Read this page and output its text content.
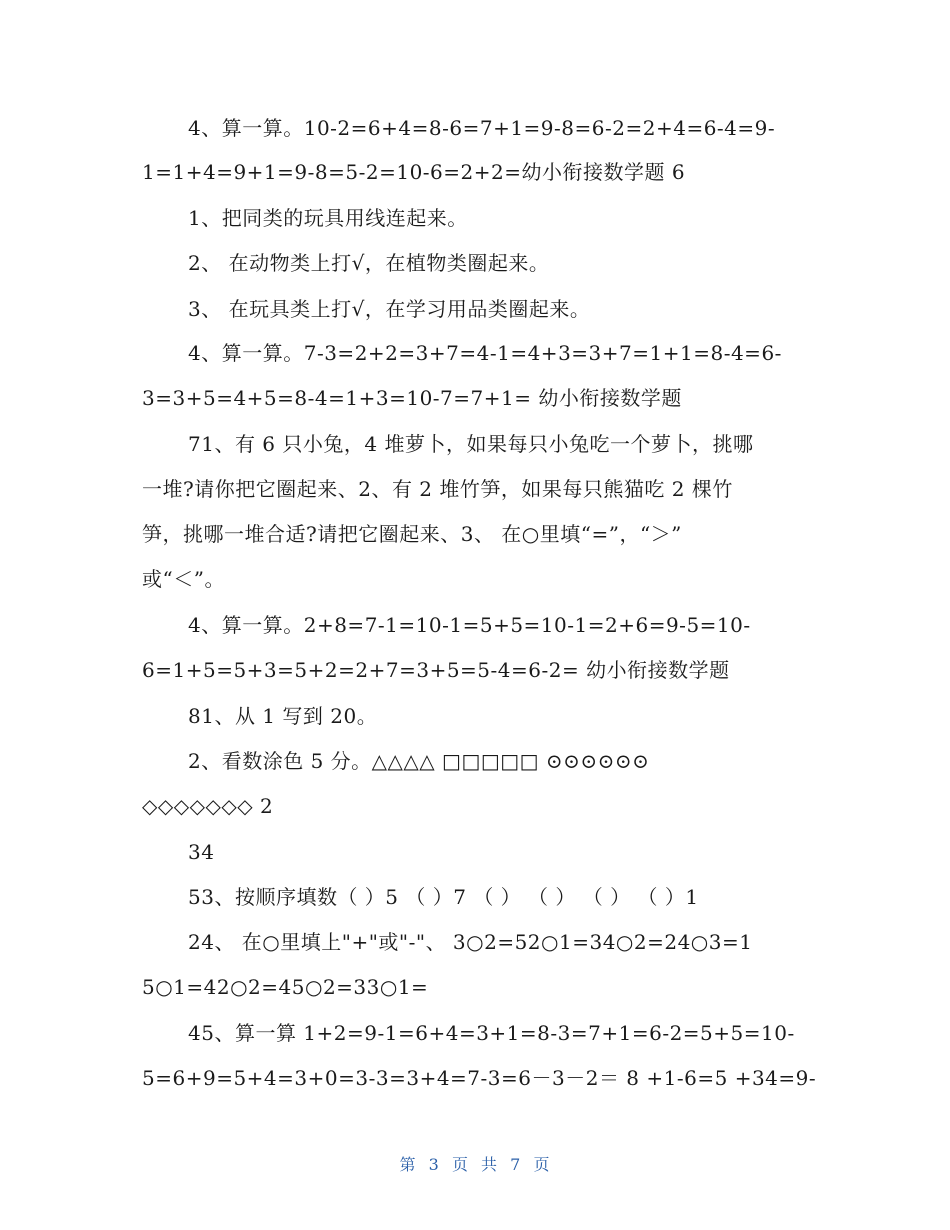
4、算一算。10-2=6+4=8-6=7+1=9-8=6-2=2+4=6-4=9-
1=1+4=9+1=9-8=5-2=10-6=2+2=幼小衔接数学题 6
1、把同类的玩具用线连起来。
2、 在动物类上打√，在植物类圈起来。
3、 在玩具类上打√，在学习用品类圈起来。
4、算一算。7-3=2+2=3+7=4-1=4+3=3+7=1+1=8-4=6-
3=3+5=4+5=8-4=1+3=10-7=7+1= 幼小衔接数学题
71、有 6 只小兔，4 堆萝卜，如果每只小兔吃一个萝卜，挑哪
一堆?请你把它圈起来、2、有 2 堆竹笋，如果每只熊猫吃 2 棵竹
笋，挑哪一堆合适?请把它圈起来、3、 在○里填“=”，“＞”
或“＜”。
4、算一算。2+8=7-1=10-1=5+5=10-1=2+6=9-5=10-
6=1+5=5+3=5+2=2+7=3+5=5-4=6-2= 幼小衔接数学题
81、从 1 写到 20。
2、看数涂色 5 分。△△△△ □□□□□ ⊙⊙⊙⊙⊙⊙
◇◇◇◇◇◇◇ 2
34
53、按顺序填数（ ）5 （ ）7 （ ） （ ） （ ） （ ）1
24、 在○里填上"+"或"-"、 3○2=52○1=34○2=24○3=1
5○1=42○2=45○2=33○1=
45、算一算 1+2=9-1=6+4=3+1=8-3=7+1=6-2=5+5=10-
5=6+9=5+4=3+0=3-3=3+4=7-3=6－3－2＝ 8 +1-6=5 +34=9-
第 3 页 共 7 页
